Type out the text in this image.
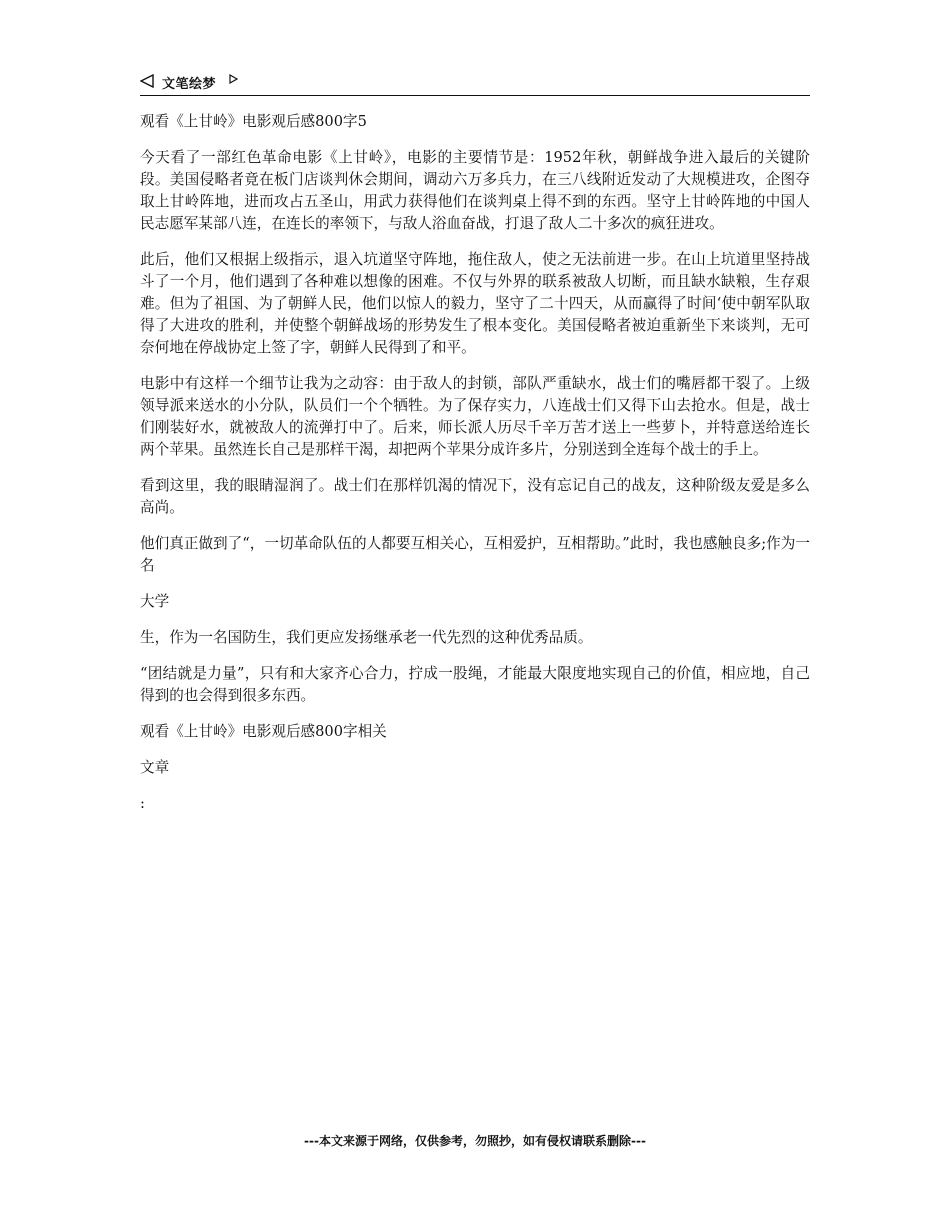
文笔绘梦

观看《上甘岭》电影观后感800字5

今天看了一部红色革命电影《上甘岭》，电影的主要情节是：1952年秋，朝鲜战争进入最后的关键阶段。美国侵略者竟在板门店谈判休会期间，调动六万多兵力，在三八线附近发动了大规模进攻，企图夺取上甘岭阵地，进而攻占五圣山，用武力获得他们在谈判桌上得不到的东西。坚守上甘岭阵地的中国人民志愿军某部八连，在连长的率领下，与敌人浴血奋战，打退了敌人二十多次的疯狂进攻。

此后，他们又根据上级指示，退入坑道坚守阵地，拖住敌人，使之无法前进一步。在山上坑道里坚持战斗了一个月，他们遇到了各种难以想像的困难。不仅与外界的联系被敌人切断，而且缺水缺粮，生存艰难。但为了祖国、为了朝鲜人民，他们以惊人的毅力，坚守了二十四天，从而赢得了时间‘使中朝军队取得了大进攻的胜利，并使整个朝鲜战场的形势发生了根本变化。美国侵略者被迫重新坐下来谈判，无可奈何地在停战协定上签了字，朝鲜人民得到了和平。

电影中有这样一个细节让我为之动容：由于敌人的封锁，部队严重缺水，战士们的嘴唇都干裂了。上级领导派来送水的小分队，队员们一个个牺牲。为了保存实力，八连战士们又得下山去抢水。但是，战士们刚装好水，就被敌人的流弹打中了。后来，师长派人历尽千辛万苦才送上一些萝卜，并特意送给连长两个苹果。虽然连长自己是那样干渴，却把两个苹果分成许多片，分别送到全连每个战士的手上。

看到这里，我的眼睛湿润了。战士们在那样饥渴的情况下，没有忘记自己的战友，这种阶级友爱是多么高尚。

他们真正做到了“，一切革命队伍的人都要互相关心，互相爱护，互相帮助。”此时，我也感触良多;作为一名

大学

生，作为一名国防生，我们更应发扬继承老一代先烈的这种优秀品质。

“团结就是力量”，只有和大家齐心合力，拧成一股绳，才能最大限度地实现自己的价值，相应地，自己得到的也会得到很多东西。

观看《上甘岭》电影观后感800字相关

文章

:

---本文来源于网络，仅供参考，勿照抄，如有侵权请联系删除---
